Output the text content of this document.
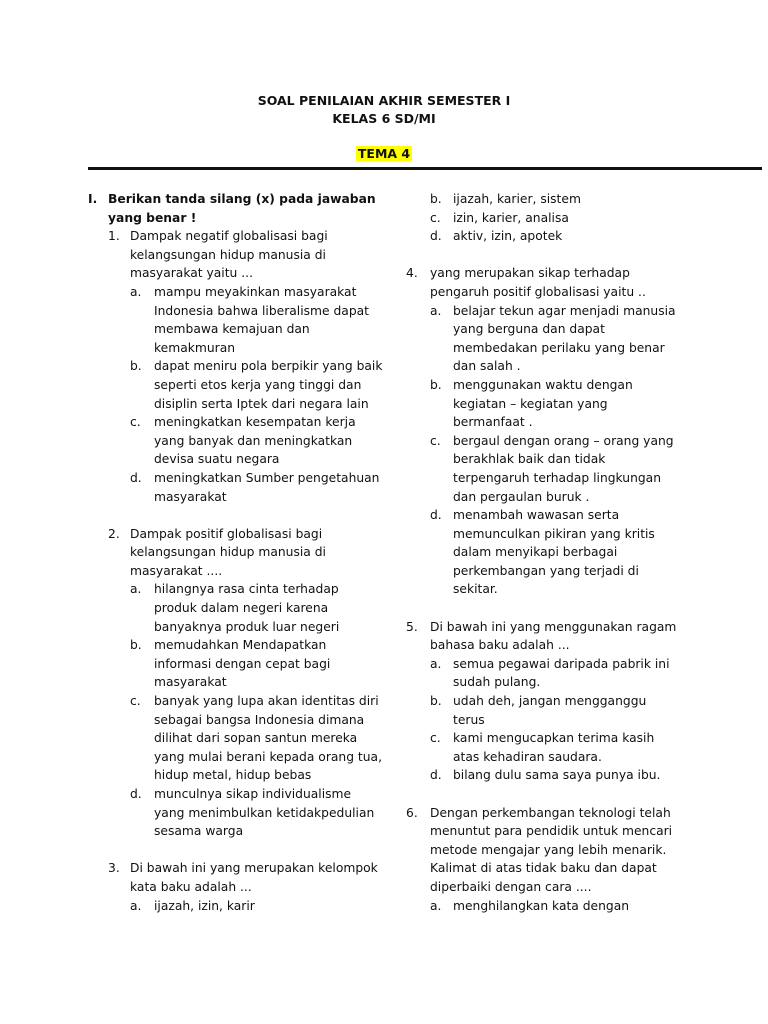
SOAL PENILAIAN AKHIR SEMESTER I
KELAS 6 SD/MI
TEMA 4
I. Berikan tanda silang (x) pada jawaban
yang benar !
1. Dampak negatif globalisasi bagi
kelangsungan hidup manusia di
masyarakat yaitu ...
a. mampu meyakinkan masyarakat
Indonesia bahwa liberalisme dapat
membawa kemajuan dan
kemakmuran
b. dapat meniru pola berpikir yang baik
seperti etos kerja yang tinggi dan
disiplin serta Iptek dari negara lain
c. meningkatkan kesempatan kerja
yang banyak dan meningkatkan
devisa suatu negara
d. meningkatkan Sumber pengetahuan
masyarakat
2. Dampak positif globalisasi bagi
kelangsungan hidup manusia di
masyarakat ....
a. hilangnya rasa cinta terhadap
produk dalam negeri karena
banyaknya produk luar negeri
b. memudahkan Mendapatkan
informasi dengan cepat bagi
masyarakat
c. banyak yang lupa akan identitas diri
sebagai bangsa Indonesia dimana
dilihat dari sopan santun mereka
yang mulai berani kepada orang tua,
hidup metal, hidup bebas
d. munculnya sikap individualisme
yang menimbulkan ketidakpedulian
sesama warga
3. Di bawah ini yang merupakan kelompok
kata baku adalah ...
a. ijazah, izin, karir
b. ijazah, karier, sistem
c. izin, karier, analisa
d. aktiv, izin, apotek
4. yang merupakan sikap terhadap
pengaruh positif globalisasi yaitu ..
a. belajar tekun agar menjadi manusia
yang berguna dan dapat
membedakan perilaku yang benar
dan salah .
b. menggunakan waktu dengan
kegiatan – kegiatan yang
bermanfaat .
c. bergaul dengan orang – orang yang
berakhlak baik dan tidak
terpengaruh terhadap lingkungan
dan pergaulan buruk .
d. menambah wawasan serta
memunculkan pikiran yang kritis
dalam menyikapi berbagai
perkembangan yang terjadi di
sekitar.
5. Di bawah ini yang menggunakan ragam
bahasa baku adalah ...
a. semua pegawai daripada pabrik ini
sudah pulang.
b. udah deh, jangan mengganggu
terus
c. kami mengucapkan terima kasih
atas kehadiran saudara.
d. bilang dulu sama saya punya ibu.
6. Dengan perkembangan teknologi telah
menuntut para pendidik untuk mencari
metode mengajar yang lebih menarik.
Kalimat di atas tidak baku dan dapat
diperbaiki dengan cara ....
a. menghilangkan kata dengan
